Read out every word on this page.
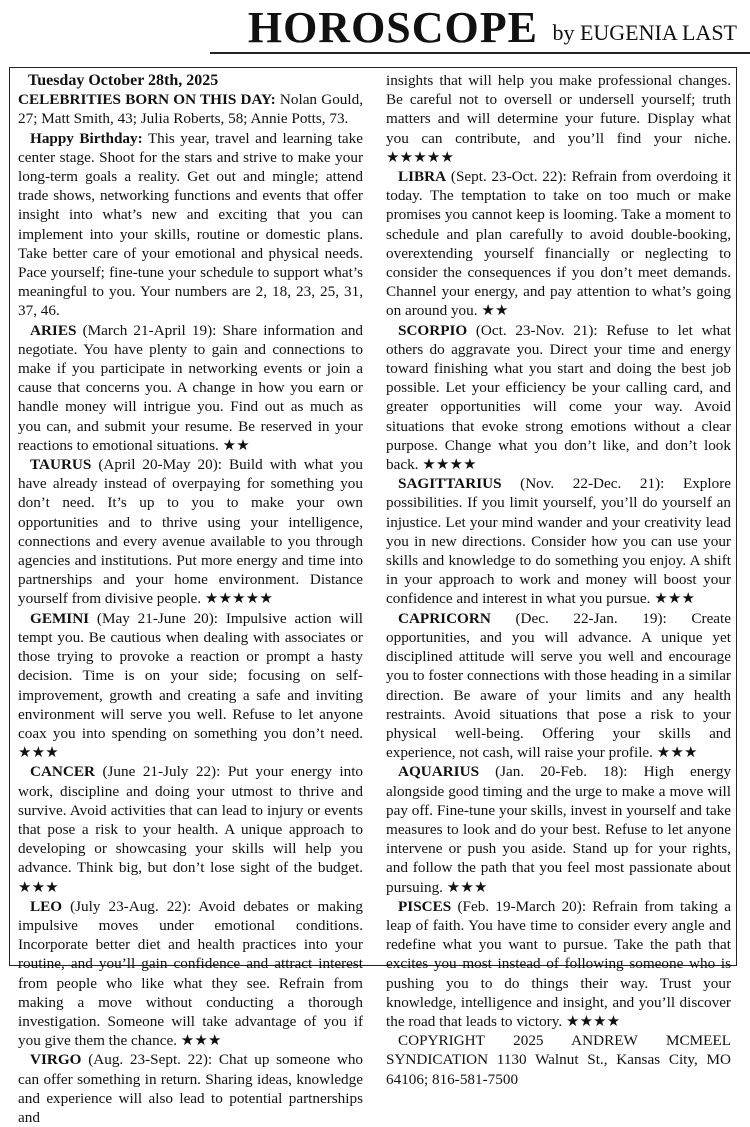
HOROSCOPE by EUGENIA LAST
Tuesday October 28th, 2025

CELEBRITIES BORN ON THIS DAY: Nolan Gould, 27; Matt Smith, 43; Julia Roberts, 58; Annie Potts, 73.

Happy Birthday: This year, travel and learning take center stage. Shoot for the stars and strive to make your long-term goals a reality. Get out and mingle; attend trade shows, networking functions and events that offer insight into what’s new and exciting that you can implement into your skills, routine or domestic plans. Take better care of your emotional and physical needs. Pace yourself; fine-tune your schedule to support what’s meaningful to you. Your numbers are 2, 18, 23, 25, 31, 37, 46.

ARIES (March 21-April 19): Share information and negotiate. You have plenty to gain and connections to make if you participate in networking events or join a cause that concerns you. A change in how you earn or handle money will intrigue you. Find out as much as you can, and submit your resume. Be reserved in your reactions to emotional situations. ★★

TAURUS (April 20-May 20): Build with what you have already instead of overpaying for something you don’t need. It’s up to you to make your own opportunities and to thrive using your intelligence, connections and every avenue available to you through agencies and institutions. Put more energy and time into partnerships and your home environment. Distance yourself from divisive people. ★★★★★

GEMINI (May 21-June 20): Impulsive action will tempt you. Be cautious when dealing with associates or those trying to provoke a reaction or prompt a hasty decision. Time is on your side; focusing on self-improvement, growth and creating a safe and inviting environment will serve you well. Refuse to let anyone coax you into spending on something you don’t need. ★★★

CANCER (June 21-July 22): Put your energy into work, discipline and doing your utmost to thrive and survive. Avoid activities that can lead to injury or events that pose a risk to your health. A unique approach to developing or showcasing your skills will help you advance. Think big, but don’t lose sight of the budget. ★★★

LEO (July 23-Aug. 22): Avoid debates or making impulsive moves under emotional conditions. Incorporate better diet and health practices into your routine, and you’ll gain confidence and attract interest from people who like what they see. Refrain from making a move without conducting a thorough investigation. Someone will take advantage of you if you give them the chance. ★★★

VIRGO (Aug. 23-Sept. 22): Chat up someone who can offer something in return. Sharing ideas, knowledge and experience will also lead to potential partnerships and

insights that will help you make professional changes. Be careful not to oversell or undersell yourself; truth matters and will determine your future. Display what you can contribute, and you’ll find your niche. ★★★★★

LIBRA (Sept. 23-Oct. 22): Refrain from overdoing it today. The temptation to take on too much or make promises you cannot keep is looming. Take a moment to schedule and plan carefully to avoid double-booking, overextending yourself financially or neglecting to consider the consequences if you don’t meet demands. Channel your energy, and pay attention to what’s going on around you. ★★

SCORPIO (Oct. 23-Nov. 21): Refuse to let what others do aggravate you. Direct your time and energy toward finishing what you start and doing the best job possible. Let your efficiency be your calling card, and greater opportunities will come your way. Avoid situations that evoke strong emotions without a clear purpose. Change what you don’t like, and don’t look back. ★★★★

SAGITTARIUS (Nov. 22-Dec. 21): Explore possibilities. If you limit yourself, you’ll do yourself an injustice. Let your mind wander and your creativity lead you in new directions. Consider how you can use your skills and knowledge to do something you enjoy. A shift in your approach to work and money will boost your confidence and interest in what you pursue. ★★★

CAPRICORN (Dec. 22-Jan. 19): Create opportunities, and you will advance. A unique yet disciplined attitude will serve you well and encourage you to foster connections with those heading in a similar direction. Be aware of your limits and any health restraints. Avoid situations that pose a risk to your physical well-being. Offering your skills and experience, not cash, will raise your profile. ★★★

AQUARIUS (Jan. 20-Feb. 18): High energy alongside good timing and the urge to make a move will pay off. Fine-tune your skills, invest in yourself and take measures to look and do your best. Refuse to let anyone intervene or push you aside. Stand up for your rights, and follow the path that you feel most passionate about pursuing. ★★★

PISCES (Feb. 19-March 20): Refrain from taking a leap of faith. You have time to consider every angle and redefine what you want to pursue. Take the path that excites you most instead of following someone who is pushing you to do things their way. Trust your knowledge, intelligence and insight, and you’ll discover the road that leads to victory. ★★★★

COPYRIGHT 2025 ANDREW MCMEEL SYNDICATION 1130 Walnut St., Kansas City, MO 64106; 816-581-7500
